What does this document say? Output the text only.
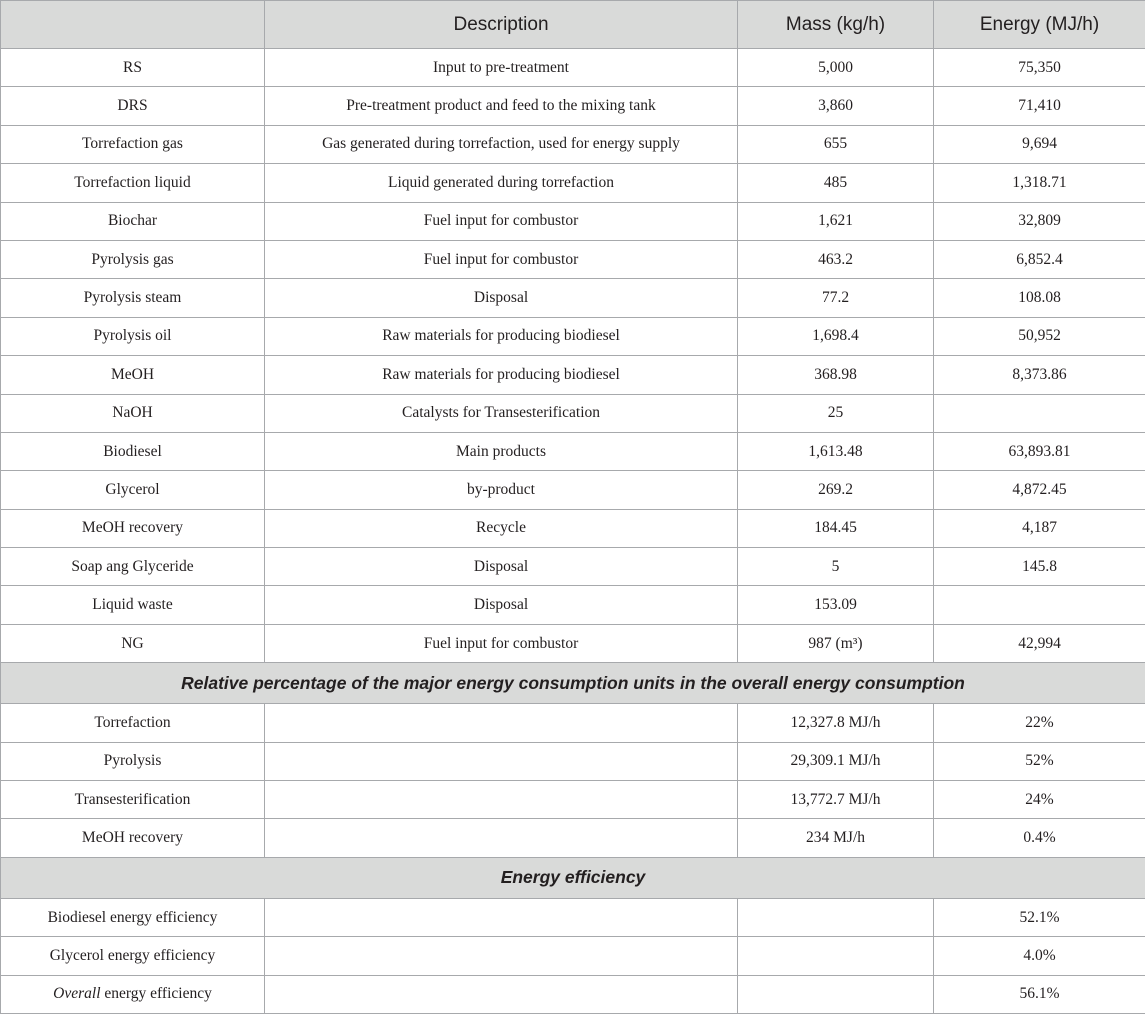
	Description	Mass (kg/h)	Energy (MJ/h)
RS	Input to pre-treatment	5,000	75,350
DRS	Pre-treatment product and feed to the mixing tank	3,860	71,410
Torrefaction gas	Gas generated during torrefaction, used for energy supply	655	9,694
Torrefaction liquid	Liquid generated during torrefaction	485	1,318.71
Biochar	Fuel input for combustor	1,621	32,809
Pyrolysis gas	Fuel input for combustor	463.2	6,852.4
Pyrolysis steam	Disposal	77.2	108.08
Pyrolysis oil	Raw materials for producing biodiesel	1,698.4	50,952
MeOH	Raw materials for producing biodiesel	368.98	8,373.86
NaOH	Catalysts for Transesterification	25	
Biodiesel	Main products	1,613.48	63,893.81
Glycerol	by-product	269.2	4,872.45
MeOH recovery	Recycle	184.45	4,187
Soap ang Glyceride	Disposal	5	145.8
Liquid waste	Disposal	153.09	
NG	Fuel input for combustor	987 (m³)	42,994
Relative percentage of the major energy consumption units in the overall energy consumption			
Torrefaction		12,327.8 MJ/h	22%
Pyrolysis		29,309.1 MJ/h	52%
Transesterification		13,772.7 MJ/h	24%
MeOH recovery		234 MJ/h	0.4%
Energy efficiency			
Biodiesel energy efficiency			52.1%
Glycerol energy efficiency			4.0%
Overall energy efficiency			56.1%
